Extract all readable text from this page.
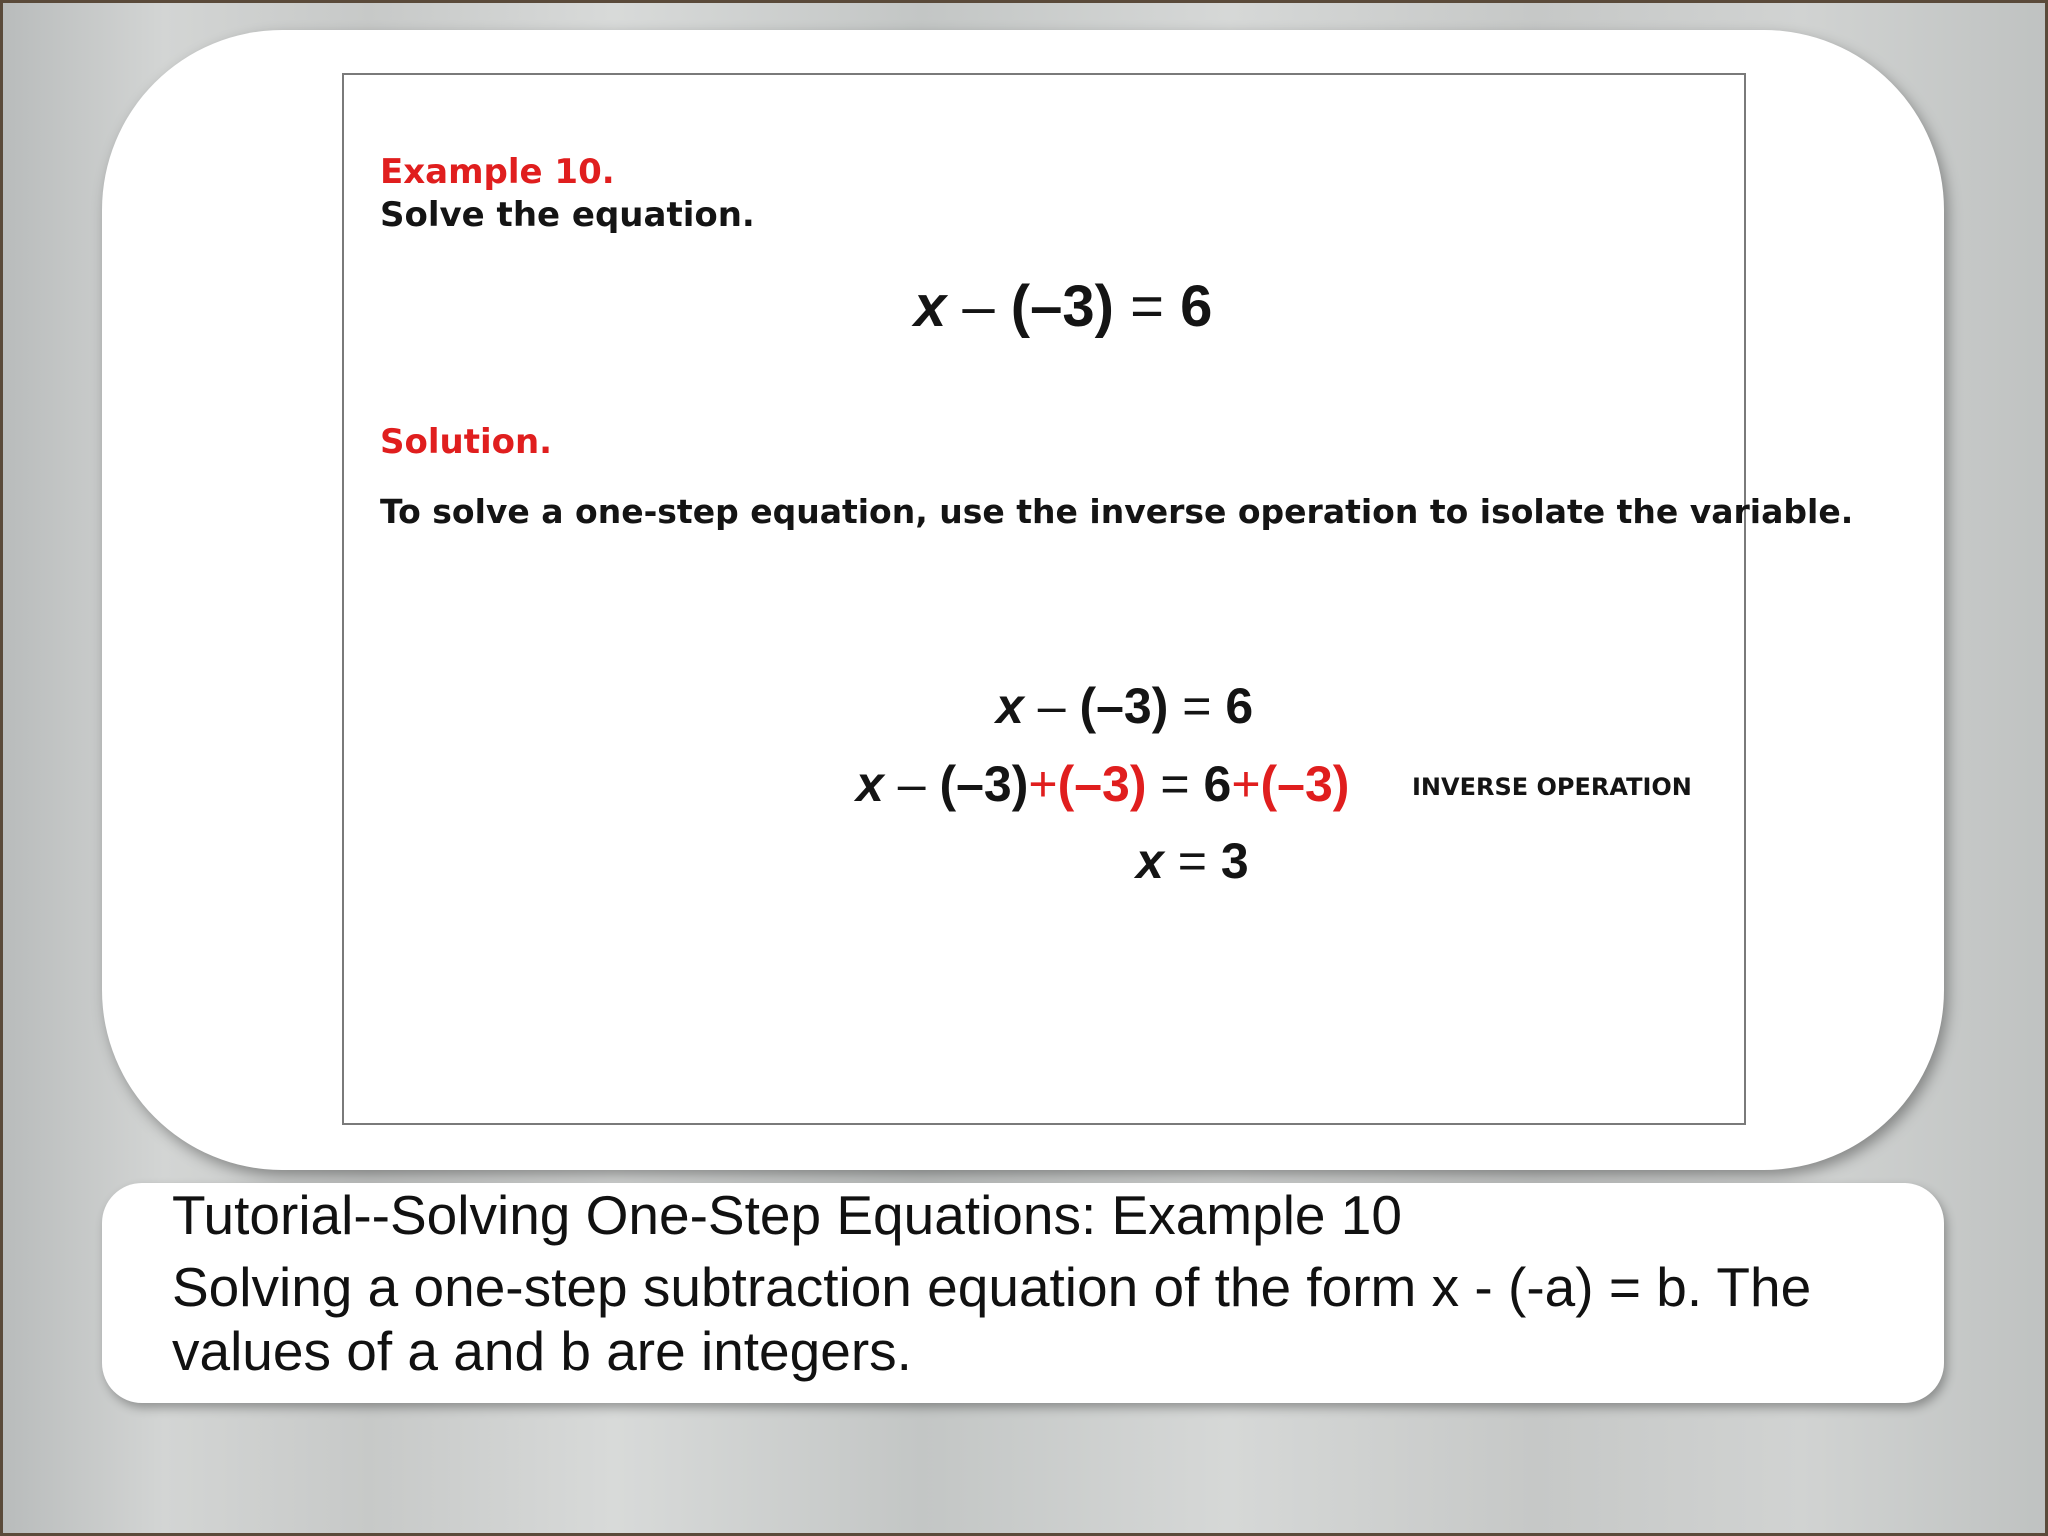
Example 10.
Solve the equation.
x – (–3) = 6
Solution.
To solve a one-step equation, use the inverse operation to isolate the variable.
x – (–3) = 6
x – (–3)+(–3) = 6+(–3)	INVERSE OPERATION
x = 3
Tutorial--Solving One-Step Equations: Example 10
Solving a one-step subtraction equation of the form x - (-a) = b. The values of a and b are integers.
